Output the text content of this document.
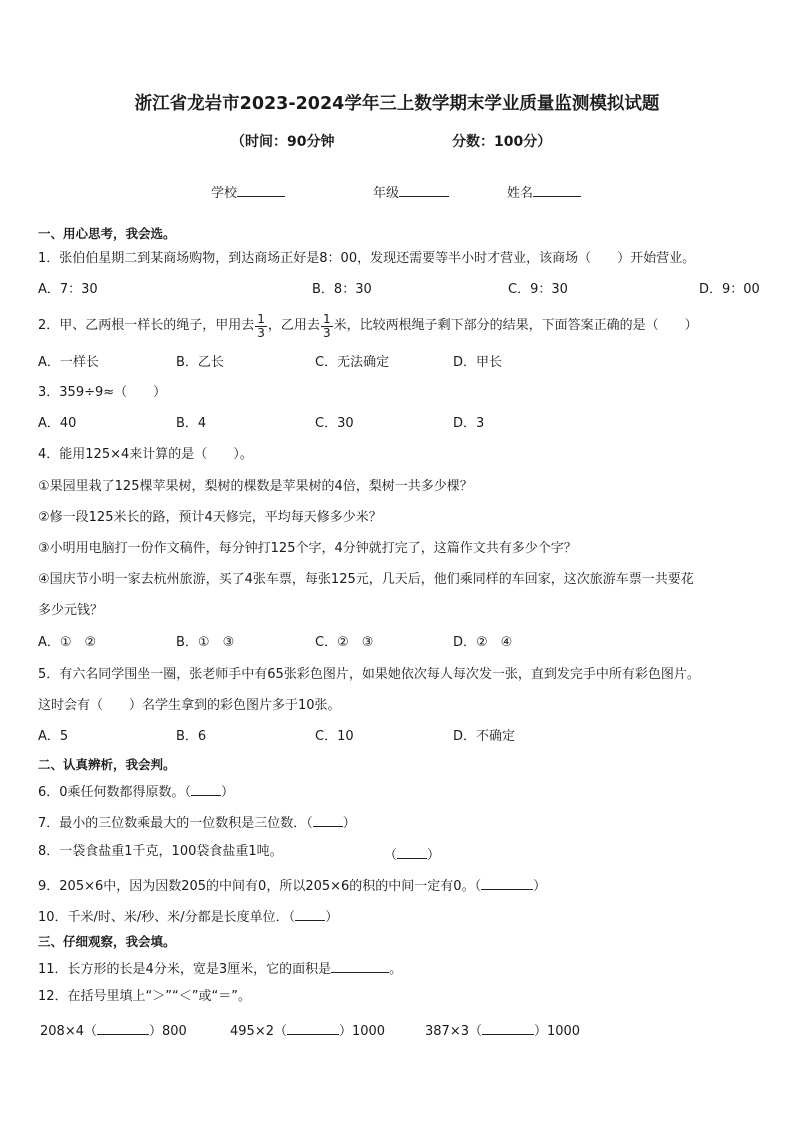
浙江省龙岩市2023-2024学年三上数学期末学业质量监测模拟试题
（时间：90分钟	分数：100分）
学校	年级	姓名
一、用心思考，我会选。
1．张伯伯星期二到某商场购物，到达商场正好是8：00，发现还需要等半小时才营业，该商场（　　）开始营业。
A．7：30	B．8：30	C．9：30	D．9：00
2．甲、乙两根一样长的绳子，甲用去 $\frac{1}{3}$ ，乙用去 $\frac{1}{3}$ 米，比较两根绳子剩下部分的结果，下面答案正确的是（　　）
A．一样长	B．乙长	C．无法确定	D．甲长
3．359÷9≈（　　）
A．40	B．4	C．30	D．3
4．能用125×4来计算的是（　　）。
①果园里栽了125棵苹果树，梨树的棵数是苹果树的4倍，梨树一共多少棵？
②修一段125米长的路，预计4天修完，平均每天修多少米？
③小明用电脑打一份作文稿件，每分钟打125个字，4分钟就打完了，这篇作文共有多少个字？
④国庆节小明一家去杭州旅游，买了4张车票，每张125元，几天后，他们乘同样的车回家，这次旅游车票一共要花
多少元钱？
A．①　②	B．①　③	C．②　③	D．②　④
5．有六名同学围坐一圈，张老师手中有65张彩色图片，如果她依次每人每次发一张，直到发完手中所有彩色图片。
这时会有（　　）名学生拿到的彩色图片多于10张。
A．5	B．6	C．10	D．不确定
二、认真辨析，我会判。
6．0乘任何数都得原数。（ ）
7．最小的三位数乘最大的一位数积是三位数．（ ）
8．一袋食盐重1千克，100袋食盐重1吨。	（ ）
9．205×6中，因为因数205的中间有0，所以205×6的积的中间一定有0。（	）
10．千米/时、米/秒、米/分都是长度单位．（ ）
三、仔细观察，我会填。
11．长方形的长是4分米，宽是3厘米，它的面积是	。
12．在括号里填上“＞”“＜”或“＝”。
208×4（	）800	495×2（	）1000	387×3（	）1000
